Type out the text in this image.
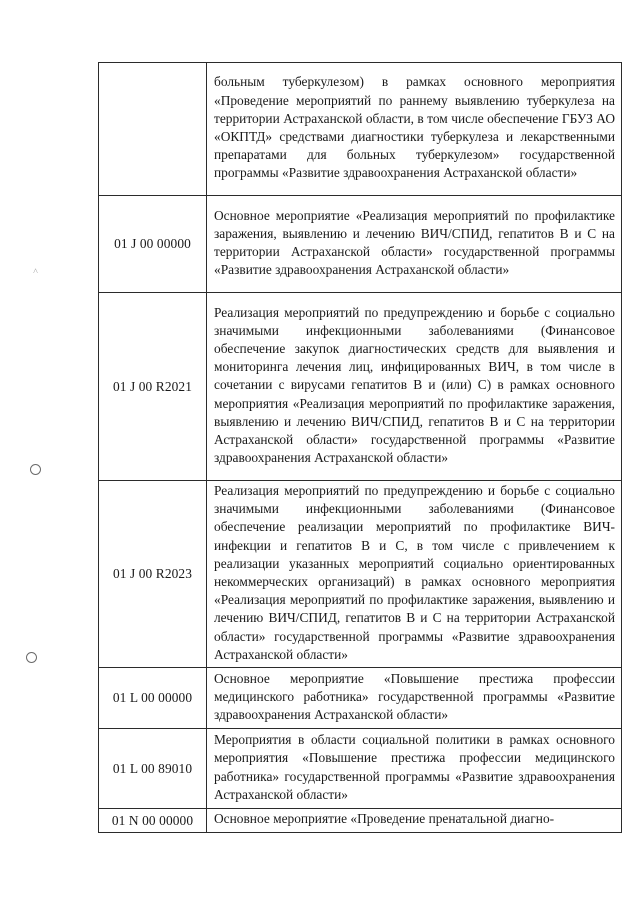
˄

	больным туберкулезом) в рамках основного мероприятия «Проведение мероприятий по раннему выявлению туберкулеза на территории Астраханской области, в том числе обеспечение ГБУЗ АО «ОКПТД» средствами диагностики туберкулеза и лекарственными препаратами для больных туберкулезом» государственной программы «Развитие здравоохранения Астраханской области»

01 J 00 00000	Основное мероприятие «Реализация мероприятий по профилактике заражения, выявлению и лечению ВИЧ/СПИД, гепатитов В и С на территории Астраханской области» государственной программы «Развитие здравоохранения Астраханской области»

01 J 00 R2021	Реализация мероприятий по предупреждению и борьбе с социально значимыми инфекционными заболеваниями (Финансовое обеспечение закупок диагностических средств для выявления и мониторинга лечения лиц, инфицированных ВИЧ, в том числе в сочетании с вирусами гепатитов В и (или) С) в рамках основного мероприятия «Реализация мероприятий по профилактике заражения, выявлению и лечению ВИЧ/СПИД, гепатитов В и С на территории Астраханской области» государственной программы «Развитие здравоохранения Астраханской области»

01 J 00 R2023	Реализация мероприятий по предупреждению и борьбе с социально значимыми инфекционными заболеваниями (Финансовое обеспечение реализации мероприятий по профилактике ВИЧ-инфекции и гепатитов В и С, в том числе с привлечением к реализации указанных мероприятий социально ориентированных некоммерческих организаций) в рамках основного мероприятия «Реализация мероприятий по профилактике заражения, выявлению и лечению ВИЧ/СПИД, гепатитов В и С на территории Астраханской области» государственной программы «Развитие здравоохранения Астраханской области»

01 L 00 00000	Основное мероприятие «Повышение престижа профессии медицинского работника» государственной программы «Развитие здравоохранения Астраханской области»

01 L 00 89010	Мероприятия в области социальной политики в рамках основного мероприятия «Повышение престижа профессии медицинского работника» государственной программы «Развитие здравоохранения Астраханской области»

01 N 00 00000	Основное мероприятие «Проведение пренатальной диагно-
